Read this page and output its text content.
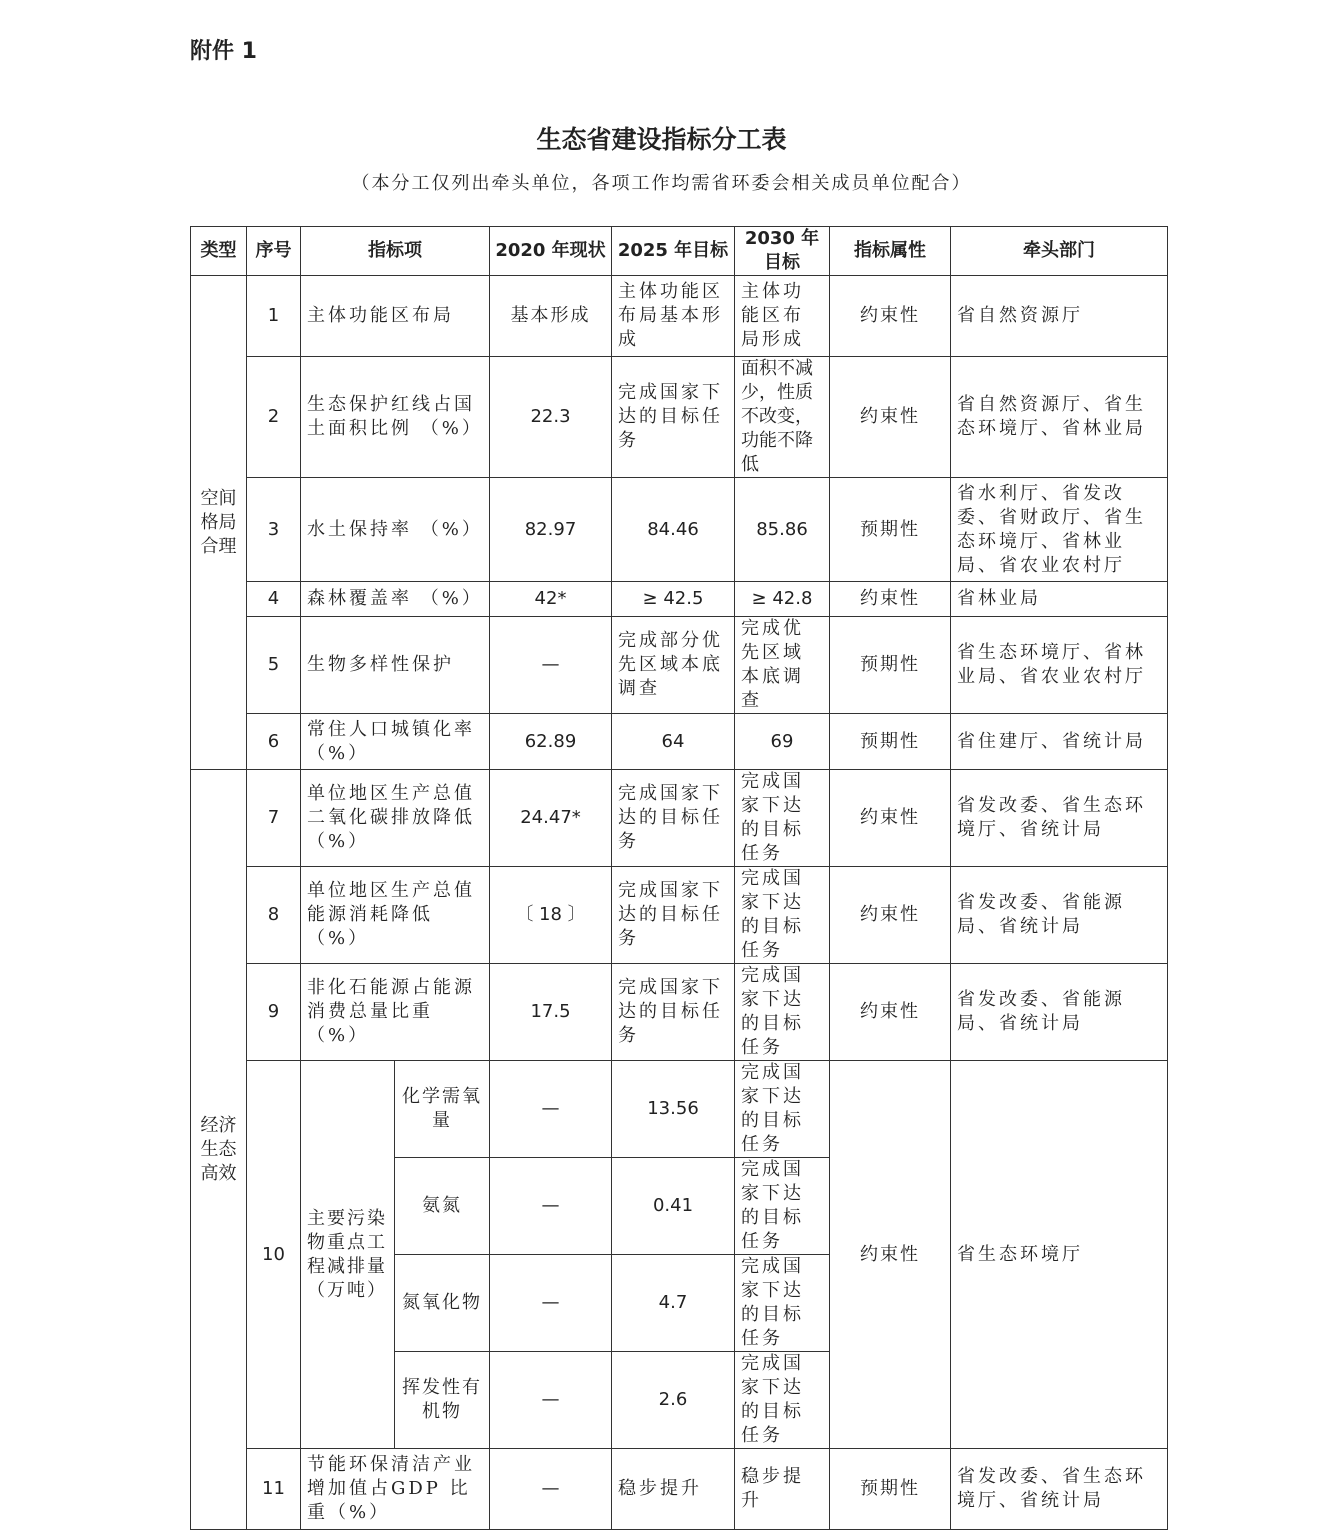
附件 1
生态省建设指标分工表
（本分工仅列出牵头单位，各项工作均需省环委会相关成员单位配合）
类型	序号	指标项		2020 年现状	2025 年目标	2030 年目标	指标属性	牵头部门

空间格局合理	1	主体功能区布局		基本形成	主体功能区布局基本形成	主体功能区布局形成	约束性	省自然资源厅
	2	生态保护红线占国土面积比例 （%）		22.3	完成国家下达的目标任务	面积不减少，性质不改变，功能不降低	约束性	省自然资源厅、省生态环境厅、省林业局
	3	水土保持率 （%）		82.97	84.46	85.86	预期性	省水利厅、省发改委、省财政厅、省生态环境厅、省林业局、省农业农村厅
	4	森林覆盖率 （%）		42*	≥ 42.5	≥ 42.8	约束性	省林业局
	5	生物多样性保护		—	完成部分优先区域本底调查	完成优先区域本底调查	预期性	省生态环境厅、省林业局、省农业农村厅
	6	常住人口城镇化率（%）		62.89	64	69	预期性	省住建厅、省统计局

经济生态高效	7	单位地区生产总值二氧化碳排放降低（%）		24.47*	完成国家下达的目标任务	完成国家下达的目标任务	约束性	省发改委、省生态环境厅、省统计局
	8	单位地区生产总值能源消耗降低（%）		〔 18 〕	完成国家下达的目标任务	完成国家下达的目标任务	约束性	省发改委、省能源局、省统计局
	9	非化石能源占能源消费总量比重（%）		17.5	完成国家下达的目标任务	完成国家下达的目标任务	约束性	省发改委、省能源局、省统计局
	10	主要污染物重点工程减排量（万吨）	化学需氧量	—	13.56	完成国家下达的目标任务	约束性	省生态环境厅
			氨氮	—	0.41	完成国家下达的目标任务		
			氮氧化物	—	4.7	完成国家下达的目标任务		
			挥发性有机物	—	2.6	完成国家下达的目标任务		
	11	节能环保清洁产业增加值占GDP 比重（%）		—	稳步提升	稳步提升	预期性	省发改委、省生态环境厅、省统计局
